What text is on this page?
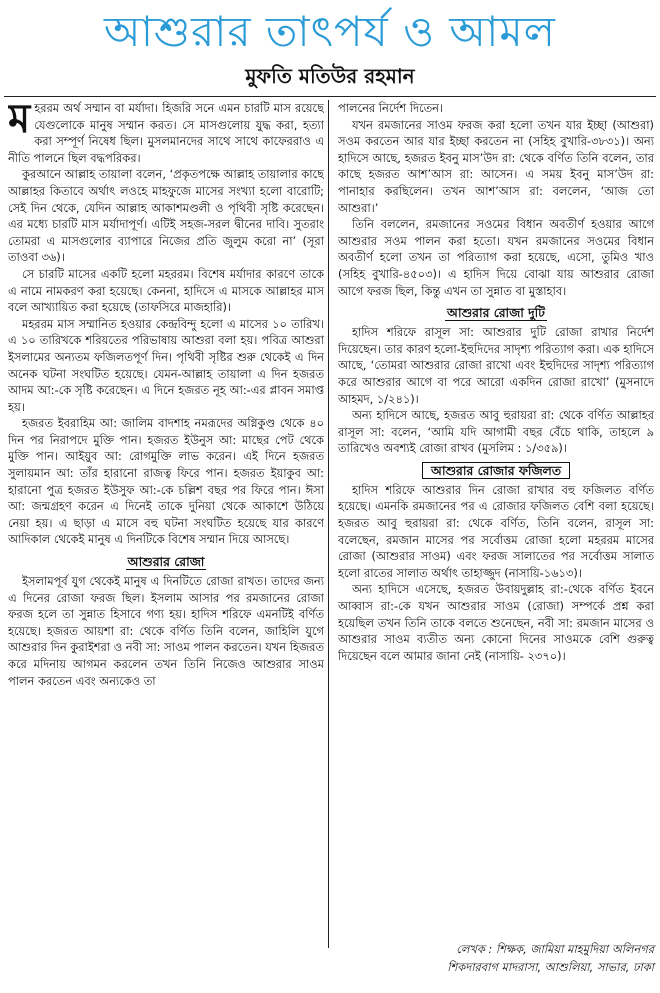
আশুরার তাৎপর্য ও আমল
মুফতি মতিউর রহমান

মহররম অর্থ সম্মান বা মর্যাদা। হিজরি সনে এমন চারটি মাস রয়েছে যেগুলোকে মানুষ সম্মান করত। সে মাসগুলোয় যুদ্ধ করা, হত্যা করা সম্পূর্ণ নিষেধ ছিল। মুসলমানদের সাথে সাথে কাফেররাও এ নীতি পালনে ছিল বদ্ধপরিকর।

কুরআনে আল্লাহ তায়ালা বলেন, ‘প্রকৃতপক্ষে আল্লাহ তায়ালার কাছে আল্লাহর কিতাবে অর্থাৎ লওহে মাহফুজে মাসের সংখ্যা হলো বারোটি; সেই দিন থেকে, যেদিন আল্লাহ আকাশমণ্ডলী ও পৃথিবী সৃষ্টি করেছেন। এর মধ্যে চারটি মাস মর্যাদাপূর্ণ। এটিই সহজ-সরল দ্বীনের দাবি। সুতরাং তোমরা এ মাসগুলোর ব্যাপারে নিজের প্রতি জুলুম করো না’ (সূরা তাওবা ৩৬)।

সে চারটি মাসের একটি হলো মহররম। বিশেষ মর্যাদার কারণে তাকে এ নামে নামকরণ করা হয়েছে। কেননা, হাদিসে এ মাসকে আল্লাহর মাস বলে আখ্যায়িত করা হয়েছে (তাফসিরে মাজহারি)।

মহররম মাস সম্মানিত হওয়ার কেন্দ্রবিন্দু হলো এ মাসের ১০ তারিখ। এ ১০ তারিখকে শরিয়তের পরিভাষায় আশুরা বলা হয়। পবিত্র আশুরা ইসলামের অন্যতম ফজিলতপূর্ণ দিন। পৃথিবী সৃষ্টির শুরু থেকেই এ দিন অনেক ঘটনা সংঘটিত হয়েছে। যেমন-আল্লাহ তায়ালা এ দিন হজরত আদম আ:-কে সৃষ্টি করেছেন। এ দিনে হজরত নূহ আ:-এর প্লাবন সমাপ্ত হয়।

হজরত ইবরাহিম আ: জালিম বাদশাহ নমরূদের অগ্নিকুণ্ড থেকে ৪০ দিন পর নিরাপদে মুক্তি পান। হজরত ইউনুস আ: মাছের পেট থেকে মুক্তি পান। আইয়ুব আ: রোগমুক্তি লাভ করেন। এই দিনে হজরত সুলায়মান আ: তাঁর হারানো রাজত্ব ফিরে পান। হজরত ইয়াকুব আ: হারানো পুত্র হজরত ইউসুফ আ:-কে চল্লিশ বছর পর ফিরে পান। ঈসা আ: জন্মগ্রহণ করেন এ দিনেই তাকে দুনিয়া থেকে আকাশে উঠিয়ে নেয়া হয়। এ ছাড়া এ মাসে বহু ঘটনা সংঘটিত হয়েছে যার কারণে আদিকাল থেকেই মানুষ এ দিনটিকে বিশেষ সম্মান দিয়ে আসছে।

আশুরার রোজা

ইসলামপূর্ব যুগ থেকেই মানুষ এ দিনটিতে রোজা রাখত। তাদের জন্য এ দিনের রোজা ফরজ ছিল। ইসলাম আসার পর রমজানের রোজা ফরজ হলে তা সুন্নাত হিসাবে গণ্য হয়। হাদিস শরিফে এমনটিই বর্ণিত হয়েছে। হজরত আয়শা রা: থেকে বর্ণিত তিনি বলেন, জাহিলি যুগে আশুরার দিন কুরাইশরা ও নবী সা: সাওম পালন করতেন। যখন হিজরত করে মদিনায় আগমন করলেন তখন তিনি নিজেও আশুরার সাওম পালন করতেন এবং অন্যকেও তা

পালনের নির্দেশ দিতেন।

যখন রমজানের সাওম ফরজ করা হলো তখন যার ইচ্ছা (আশুরা) সওম করতেন আর যার ইচ্ছা করতেন না (সহিহ বুখারি-৩৮৩১)। অন্য হাদিসে আছে, হজরত ইবনু মাস’উদ রা: থেকে বর্ণিত তিনি বলেন, তার কাছে হজরত আশ’আস রা: আসেন। এ সময় ইবনু মাস’উদ রা: পানাহার করছিলেন। তখন আশ’আস রা: বললেন, ‘আজ তো আশুরা।’

তিনি বললেন, রমজানের সওমের বিধান অবতীর্ণ হওয়ার আগে আশুরার সওম পালন করা হতো। যখন রমজানের সওমের বিধান অবতীর্ণ হলো তখন তা পরিত্যাগ করা হয়েছে, এসো, তুমিও খাও (সহিহ বুখারি-৪৫০৩)। এ হাদিস দিয়ে বোঝা যায় আশুরার রোজা আগে ফরজ ছিল, কিন্তু এখন তা সুন্নাত বা মুস্তাহাব।

আশুরার রোজা দুটি

হাদিস শরিফে রাসূল সা: আশুরার দুটি রোজা রাখার নির্দেশ দিয়েছেন। তার কারণ হলো-ইহুদিদের সাদৃশ্য পরিত্যাগ করা। এক হাদিসে আছে, ‘তোমরা আশুরার রোজা রাখো এবং ইহুদিদের সাদৃশ্য পরিত্যাগ করে আশুরার আগে বা পরে আরো একদিন রোজা রাখো’ (মুসনাদে আহমদ, ১/২৪১)।

অন্য হাদিসে আছে, হজরত আবু হুরায়রা রা: থেকে বর্ণিত আল্লাহর রাসূল সা: বলেন, ‘আমি যদি আগামী বছর বেঁচে থাকি, তাহলে ৯ তারিখেও অবশ্যই রোজা রাখব (মুসলিম : ১/৩৫৯)।

আশুরার রোজার ফজিলত

হাদিস শরিফে আশুরার দিন রোজা রাখার বহু ফজিলত বর্ণিত হয়েছে। এমনকি রমজানের পর এ রোজার ফজিলত বেশি বলা হয়েছে। হজরত আবু হুরায়রা রা: থেকে বর্ণিত, তিনি বলেন, রাসূল সা: বলেছেন, রমজান মাসের পর সর্বোত্তম রোজা হলো মহররম মাসের রোজা (আশুরার সাওম) এবং ফরজ সালাতের পর সর্বোত্তম সালাত হলো রাতের সালাত অর্থাৎ তাহাজ্জুদ (নাসায়ি-১৬১৩)।

অন্য হাদিসে এসেছে, হজরত উবায়দুল্লাহ রা:-থেকে বর্ণিত ইবনে আব্বাস রা:-কে যখন আশুরার সাওম (রোজা) সম্পর্কে প্রশ্ন করা হয়েছিল তখন তিনি তাকে বলতে শুনেছেন, নবী সা: রমজান মাসের ও আশুরার সাওম ব্যতীত অন্য কোনো দিনের সাওমকে বেশি গুরুত্ব দিয়েছেন বলে আমার জানা নেই (নাসায়ি- ২৩৭০)।

লেখক : শিক্ষক, জামিয়া মাহমুদিয়া অলিনগর
শিকদারবাগ মাদরাসা, আশুলিয়া, সাভার, ঢাকা
